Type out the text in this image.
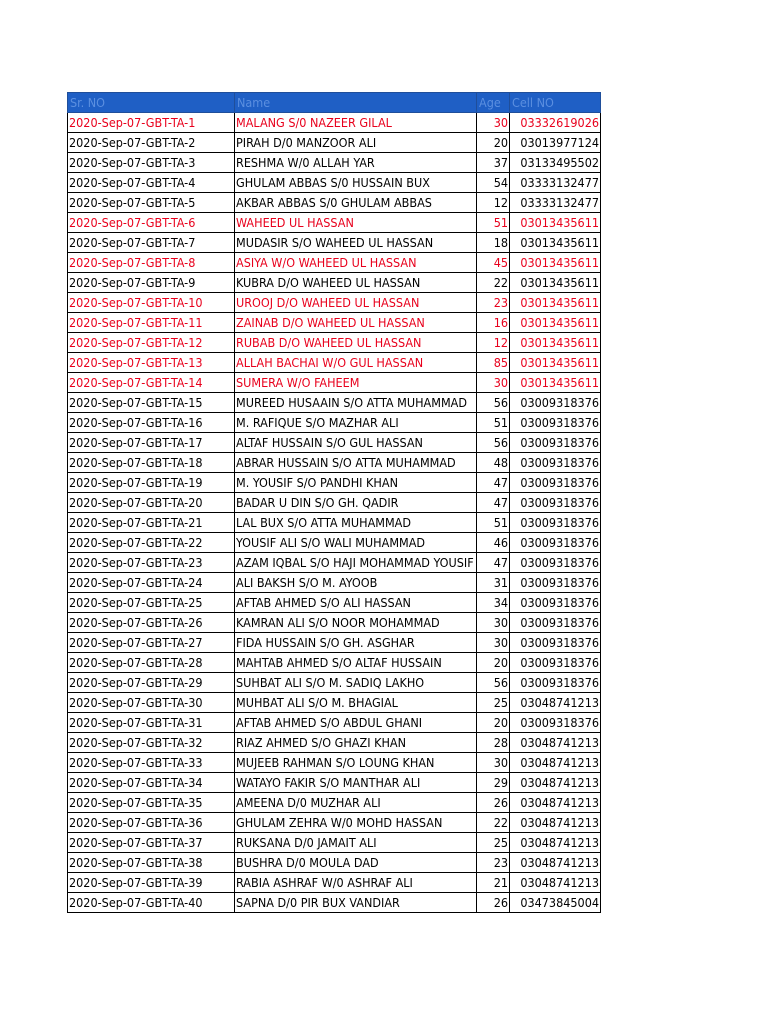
Sr. NO	Name	Age	Cell NO
2020-Sep-07-GBT-TA-1	MALANG S/0 NAZEER GILAL	30	03332619026
2020-Sep-07-GBT-TA-2	PIRAH D/0 MANZOOR ALI	20	03013977124
2020-Sep-07-GBT-TA-3	RESHMA W/0 ALLAH YAR	37	03133495502
2020-Sep-07-GBT-TA-4	GHULAM ABBAS S/0 HUSSAIN BUX	54	03333132477
2020-Sep-07-GBT-TA-5	AKBAR ABBAS S/0 GHULAM ABBAS	12	03333132477
2020-Sep-07-GBT-TA-6	WAHEED UL HASSAN	51	03013435611
2020-Sep-07-GBT-TA-7	MUDASIR S/O WAHEED UL HASSAN	18	03013435611
2020-Sep-07-GBT-TA-8	ASIYA W/O WAHEED UL HASSAN	45	03013435611
2020-Sep-07-GBT-TA-9	KUBRA D/O WAHEED UL HASSAN	22	03013435611
2020-Sep-07-GBT-TA-10	UROOJ D/O WAHEED UL HASSAN	23	03013435611
2020-Sep-07-GBT-TA-11	ZAINAB D/O WAHEED UL HASSAN	16	03013435611
2020-Sep-07-GBT-TA-12	RUBAB D/O WAHEED UL HASSAN	12	03013435611
2020-Sep-07-GBT-TA-13	ALLAH BACHAI W/O GUL HASSAN	85	03013435611
2020-Sep-07-GBT-TA-14	SUMERA W/O FAHEEM	30	03013435611
2020-Sep-07-GBT-TA-15	MUREED HUSAAIN S/O ATTA MUHAMMAD	56	03009318376
2020-Sep-07-GBT-TA-16	M. RAFIQUE S/O MAZHAR ALI	51	03009318376
2020-Sep-07-GBT-TA-17	ALTAF HUSSAIN S/O GUL HASSAN	56	03009318376
2020-Sep-07-GBT-TA-18	ABRAR HUSSAIN S/O ATTA MUHAMMAD	48	03009318376
2020-Sep-07-GBT-TA-19	M. YOUSIF S/O PANDHI KHAN	47	03009318376
2020-Sep-07-GBT-TA-20	BADAR U DIN S/O GH. QADIR	47	03009318376
2020-Sep-07-GBT-TA-21	LAL BUX S/O ATTA MUHAMMAD	51	03009318376
2020-Sep-07-GBT-TA-22	YOUSIF ALI S/O WALI MUHAMMAD	46	03009318376
2020-Sep-07-GBT-TA-23	AZAM IQBAL S/O HAJI MOHAMMAD YOUSIF	47	03009318376
2020-Sep-07-GBT-TA-24	ALI BAKSH S/O M. AYOOB	31	03009318376
2020-Sep-07-GBT-TA-25	AFTAB AHMED S/O ALI HASSAN	34	03009318376
2020-Sep-07-GBT-TA-26	KAMRAN ALI S/O NOOR MOHAMMAD	30	03009318376
2020-Sep-07-GBT-TA-27	FIDA HUSSAIN S/O GH. ASGHAR	30	03009318376
2020-Sep-07-GBT-TA-28	MAHTAB AHMED S/O ALTAF HUSSAIN	20	03009318376
2020-Sep-07-GBT-TA-29	SUHBAT ALI S/O M. SADIQ LAKHO	56	03009318376
2020-Sep-07-GBT-TA-30	MUHBAT ALI S/O M. BHAGIAL	25	03048741213
2020-Sep-07-GBT-TA-31	AFTAB AHMED S/O ABDUL GHANI	20	03009318376
2020-Sep-07-GBT-TA-32	RIAZ AHMED S/O GHAZI KHAN	28	03048741213
2020-Sep-07-GBT-TA-33	MUJEEB RAHMAN S/O LOUNG KHAN	30	03048741213
2020-Sep-07-GBT-TA-34	WATAYO FAKIR S/O MANTHAR ALI	29	03048741213
2020-Sep-07-GBT-TA-35	AMEENA D/0 MUZHAR ALI	26	03048741213
2020-Sep-07-GBT-TA-36	GHULAM ZEHRA W/0 MOHD HASSAN	22	03048741213
2020-Sep-07-GBT-TA-37	RUKSANA D/0 JAMAIT ALI	25	03048741213
2020-Sep-07-GBT-TA-38	BUSHRA D/0 MOULA DAD	23	03048741213
2020-Sep-07-GBT-TA-39	RABIA ASHRAF W/0 ASHRAF ALI	21	03048741213
2020-Sep-07-GBT-TA-40	SAPNA D/0 PIR BUX VANDIAR	26	03473845004
